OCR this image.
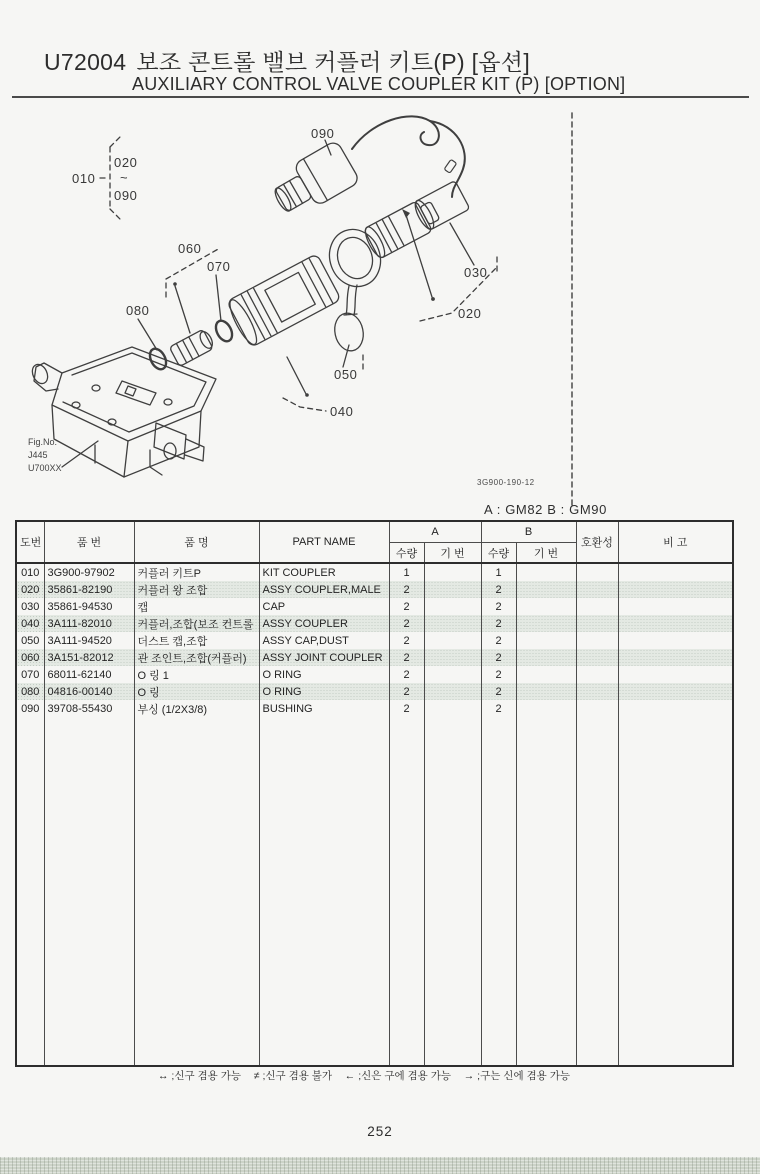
U72004 보조 콘트롤 밸브 커플러 키트(P) [옵션]
AUXILIARY CONTROL VALVE COUPLER KIT (P) [OPTION]
090
010
020
~
090
060
070
080
030
020
050
040
Fig.No.
J445
U700XX
3G900-190-12
A : GM82 B : GM90
도번	품 번	품 명	PART NAME	A		B		호환성	비 고
				수량	기 번	수량	기 번		
010	3G900-97902	커플러 키트P	KIT COUPLER	1		1			
020	35861-82190	커플러 왕 조합	ASSY COUPLER,MALE	2		2			
030	35861-94530	캡	CAP	2		2			
040	3A111-82010	커플러,조합(보조 컨트롤	ASSY COUPLER	2		2			
050	3A111-94520	더스트 캡,조합	ASSY CAP,DUST	2		2			
060	3A151-82012	관 조인트,조합(커플러)	ASSY JOINT COUPLER	2		2			
070	68011-62140	O 링 1	O RING	2		2			
080	04816-00140	O 링	O RING	2		2			
090	39708-55430	부싱 (1/2X3/8)	BUSHING	2		2			

↔ ;신구 겸용 가능 ≠ ;신구 겸용 불가 ← ;신은 구에 겸용 가능 → ;구는 신에 겸용 가능
252
